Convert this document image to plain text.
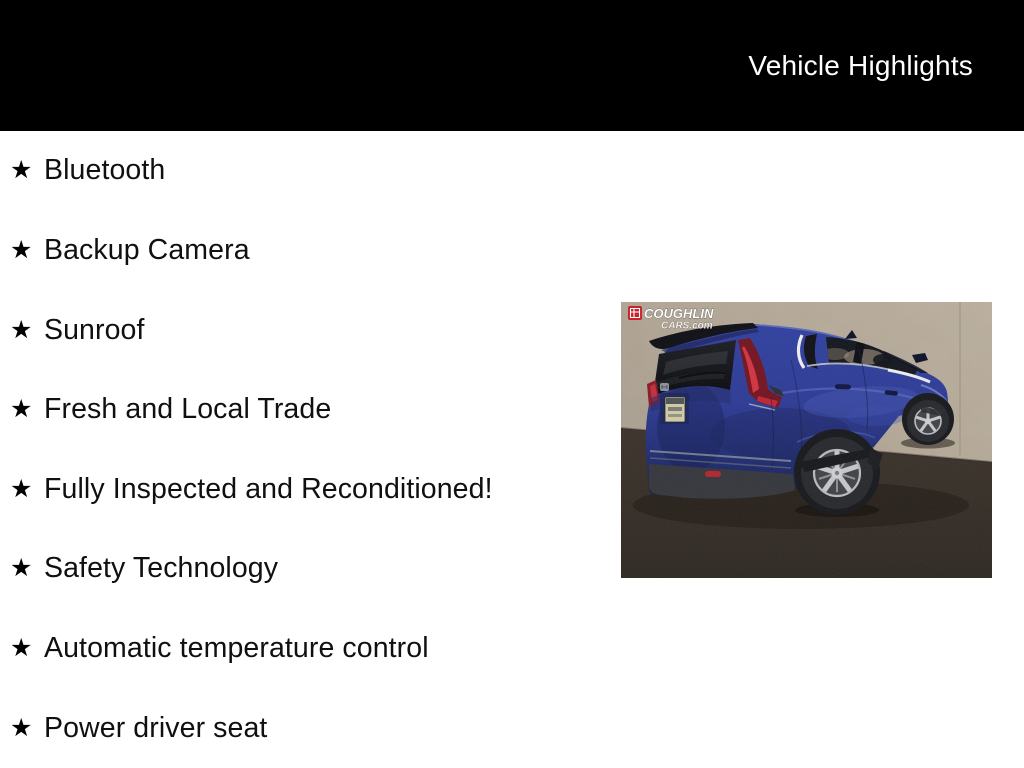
Vehicle Highlights
★ Bluetooth
★ Backup Camera
★ Sunroof
★ Fresh and Local Trade
★ Fully Inspected and Reconditioned!
★ Safety Technology
★ Automatic temperature control
★ Power driver seat
COUGHLIN
CARS.com
